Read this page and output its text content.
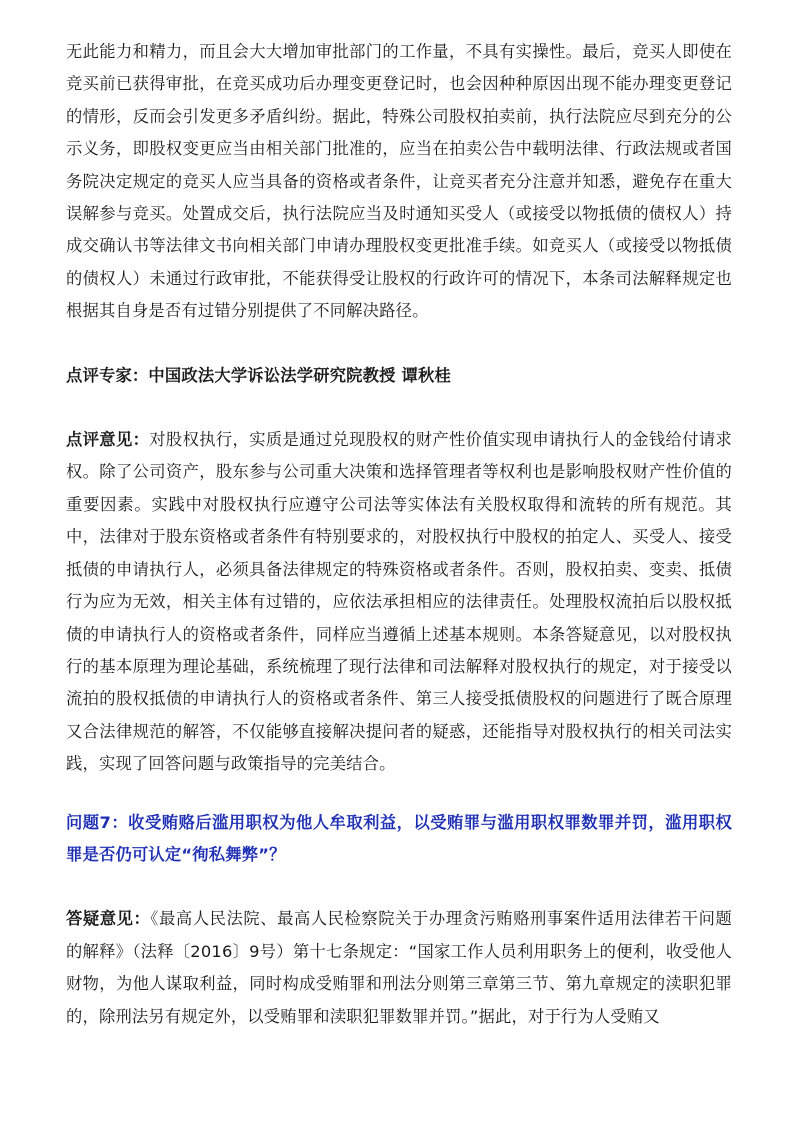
无此能力和精力，而且会大大增加审批部门的工作量，不具有实操性。最后，竞买人即使在竞买前已获得审批，在竞买成功后办理变更登记时，也会因种种原因出现不能办理变更登记的情形，反而会引发更多矛盾纠纷。据此，特殊公司股权拍卖前，执行法院应尽到充分的公示义务，即股权变更应当由相关部门批准的，应当在拍卖公告中载明法律、行政法规或者国务院决定规定的竞买人应当具备的资格或者条件，让竞买者充分注意并知悉，避免存在重大误解参与竞买。处置成交后，执行法院应当及时通知买受人（或接受以物抵债的债权人）持成交确认书等法律文书向相关部门申请办理股权变更批准手续。如竞买人（或接受以物抵债的债权人）未通过行政审批，不能获得受让股权的行政许可的情况下，本条司法解释规定也根据其自身是否有过错分别提供了不同解决路径。

点评专家：中国政法大学诉讼法学研究院教授 谭秋桂

点评意见：对股权执行，实质是通过兑现股权的财产性价值实现申请执行人的金钱给付请求权。除了公司资产，股东参与公司重大决策和选择管理者等权利也是影响股权财产性价值的重要因素。实践中对股权执行应遵守公司法等实体法有关股权取得和流转的所有规范。其中，法律对于股东资格或者条件有特别要求的，对股权执行中股权的拍定人、买受人、接受抵债的申请执行人，必须具备法律规定的特殊资格或者条件。否则，股权拍卖、变卖、抵债行为应为无效，相关主体有过错的，应依法承担相应的法律责任。处理股权流拍后以股权抵债的申请执行人的资格或者条件，同样应当遵循上述基本规则。本条答疑意见，以对股权执行的基本原理为理论基础，系统梳理了现行法律和司法解释对股权执行的规定，对于接受以流拍的股权抵债的申请执行人的资格或者条件、第三人接受抵债股权的问题进行了既合原理又合法律规范的解答，不仅能够直接解决提问者的疑惑，还能指导对股权执行的相关司法实践，实现了回答问题与政策指导的完美结合。

问题7：收受贿赂后滥用职权为他人牟取利益，以受贿罪与滥用职权罪数罪并罚，滥用职权罪是否仍可认定“徇私舞弊”？

答疑意见：《最高人民法院、最高人民检察院关于办理贪污贿赂刑事案件适用法律若干问题的解释》（法释〔2016〕9号）第十七条规定：“国家工作人员利用职务上的便利，收受他人财物，为他人谋取利益，同时构成受贿罪和刑法分则第三章第三节、第九章规定的渎职犯罪的，除刑法另有规定外，以受贿罪和渎职犯罪数罪并罚。”据此，对于行为人受贿又
